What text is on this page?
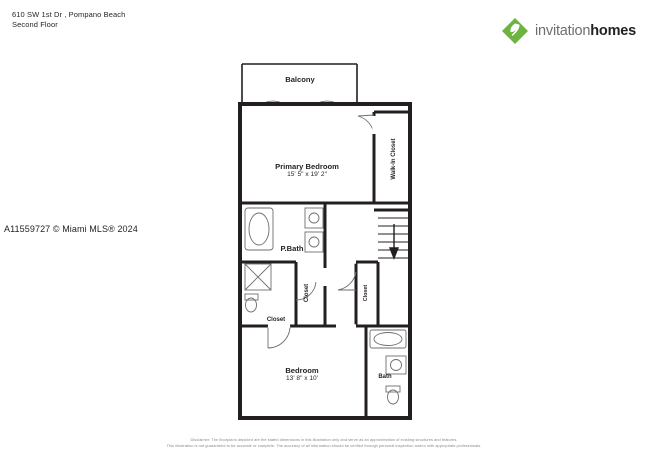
610 SW 1st Dr , Pompano Beach
Second Floor	invitationhomes
A11559727 © Miami MLS® 2024
Balcony
Primary Bedroom
15' 5" x 19' 2"	Walk-In Closet
P.Bath
Closet	Closet
Closet
Bedroom
13' 8" x 10'	Bath
Disclaimer: The floorplans depicted are the stated dimensions in this illustration only and serve as an approximation of existing structures and features.
This illustration is not guaranteed to be accurate or complete. The accuracy of all information should be verified through personal inspection and/or with appropriate professionals.
